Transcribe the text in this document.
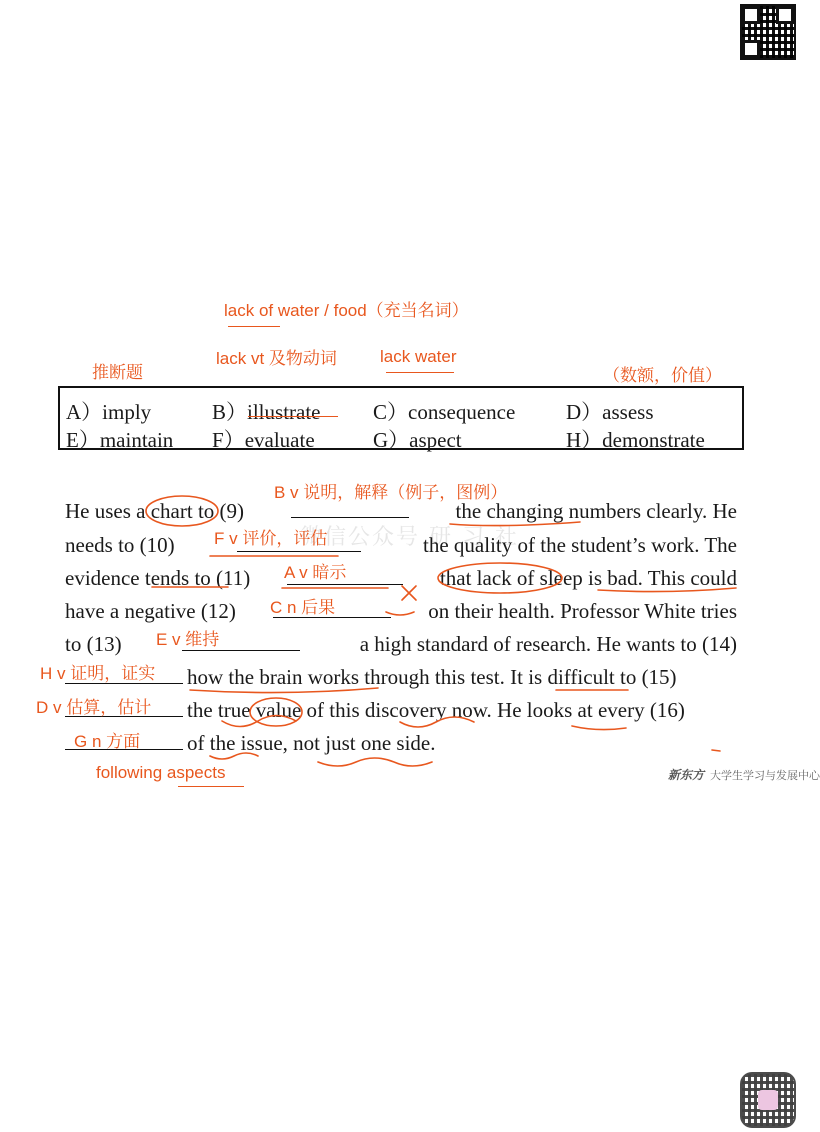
lack of water / food（充当名词）
lack vt 及物动词	lack water
推断题	（数额，价值）
A）imply	B）illustrate	C）consequence D）assess
E）maintain F）evaluate	G）aspect	H）demonstrate
微信公众号 研 习 社
He uses a chart to (9)	the changing numbers clearly. He
needs to (10)	the quality of the student’s work. The
evidence tends to (11)	that lack of sleep is bad. This could
have a negative (12)	on their health. Professor White tries
to (13)	a high standard of research. He wants to (14)
how the brain works through this test. It is difficult to (15)
the true value of this discovery now. He looks at every (16)
of the issue, not just one side.
B v 说明，解释（例子，图例）
F v 评价，评估
A v 暗示
C n 后果
E v 维持
H v 证明，证实
D v 估算，估计
G n 方面
following aspects	新东方 大学生学习与发展中心
